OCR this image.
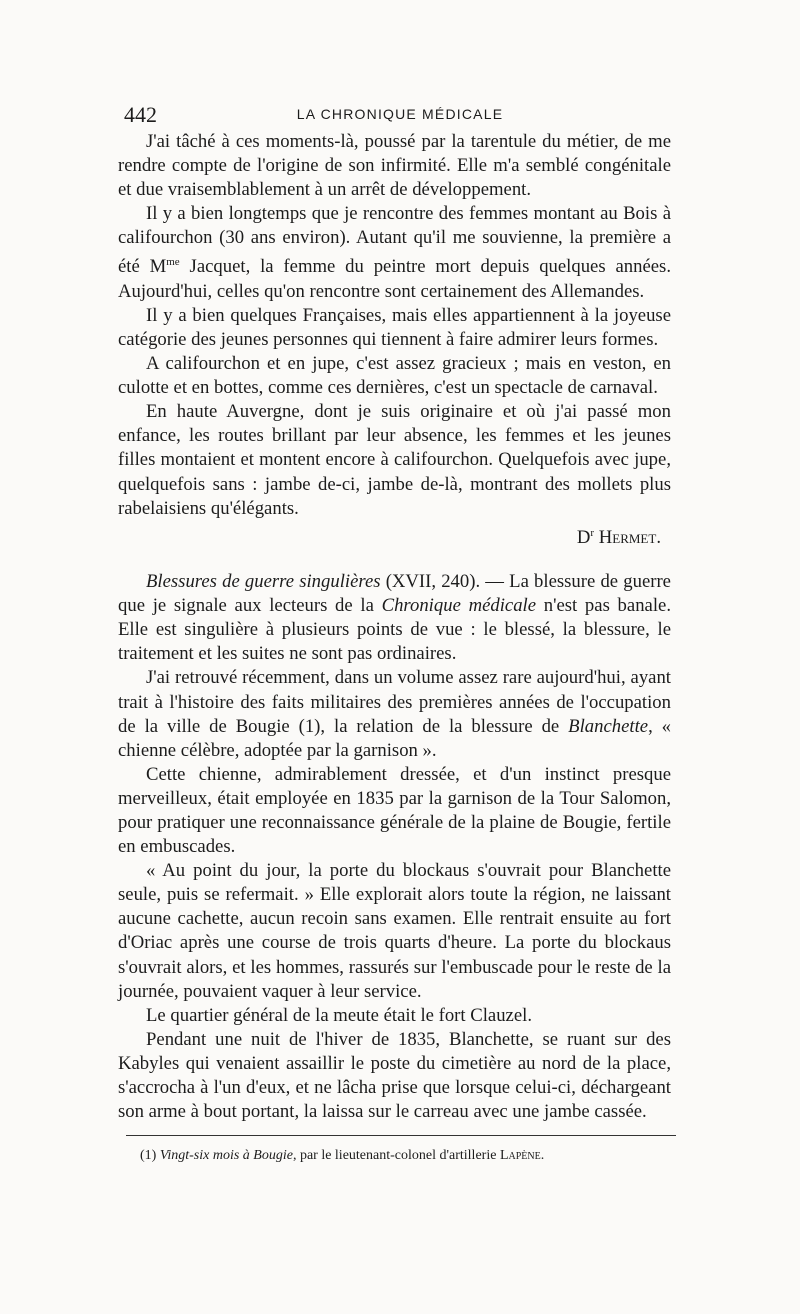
442	LA CHRONIQUE MÉDICALE

J'ai tâché à ces moments-là, poussé par la tarentule du métier, de me rendre compte de l'origine de son infirmité. Elle m'a semblé congénitale et due vraisemblablement à un arrêt de développement.

Il y a bien longtemps que je rencontre des femmes montant au Bois à califourchon (30 ans environ). Autant qu'il me souvienne, la première a été $M^{me}$ Jacquet, la femme du peintre mort depuis quelques années. Aujourd'hui, celles qu'on rencontre sont certainement des Allemandes.

Il y a bien quelques Françaises, mais elles appartiennent à la joyeuse catégorie des jeunes personnes qui tiennent à faire admirer leurs formes.

A califourchon et en jupe, c'est assez gracieux ; mais en veston, en culotte et en bottes, comme ces dernières, c'est un spectacle de carnaval.

En haute Auvergne, dont je suis originaire et où j'ai passé mon enfance, les routes brillant par leur absence, les femmes et les jeunes filles montaient et montent encore à califourchon. Quelquefois avec jupe, quelquefois sans : jambe de-ci, jambe de-là, montrant des mollets plus rabelaisiens qu'élégants.

$D^r$ Hermet.

Blessures de guerre singulières (XVII, 240). — La blessure de guerre que je signale aux lecteurs de la Chronique médicale n'est pas banale. Elle est singulière à plusieurs points de vue : le blessé, la blessure, le traitement et les suites ne sont pas ordinaires.

J'ai retrouvé récemment, dans un volume assez rare aujourd'hui, ayant trait à l'histoire des faits militaires des premières années de l'occupation de la ville de Bougie (1), la relation de la blessure de Blanchette, « chienne célèbre, adoptée par la garnison ».

Cette chienne, admirablement dressée, et d'un instinct presque merveilleux, était employée en 1835 par la garnison de la Tour Salomon, pour pratiquer une reconnaissance générale de la plaine de Bougie, fertile en embuscades.

« Au point du jour, la porte du blockaus s'ouvrait pour Blanchette seule, puis se refermait. » Elle explorait alors toute la région, ne laissant aucune cachette, aucun recoin sans examen. Elle rentrait ensuite au fort d'Oriac après une course de trois quarts d'heure. La porte du blockaus s'ouvrait alors, et les hommes, rassurés sur l'embuscade pour le reste de la journée, pouvaient vaquer à leur service.

Le quartier général de la meute était le fort Clauzel.

Pendant une nuit de l'hiver de 1835, Blanchette, se ruant sur des Kabyles qui venaient assaillir le poste du cimetière au nord de la place, s'accrocha à l'un d'eux, et ne lâcha prise que lorsque celui-ci, déchargeant son arme à bout portant, la laissa sur le carreau avec une jambe cassée.

(1) Vingt-six mois à Bougie, par le lieutenant-colonel d'artillerie Lapène.
